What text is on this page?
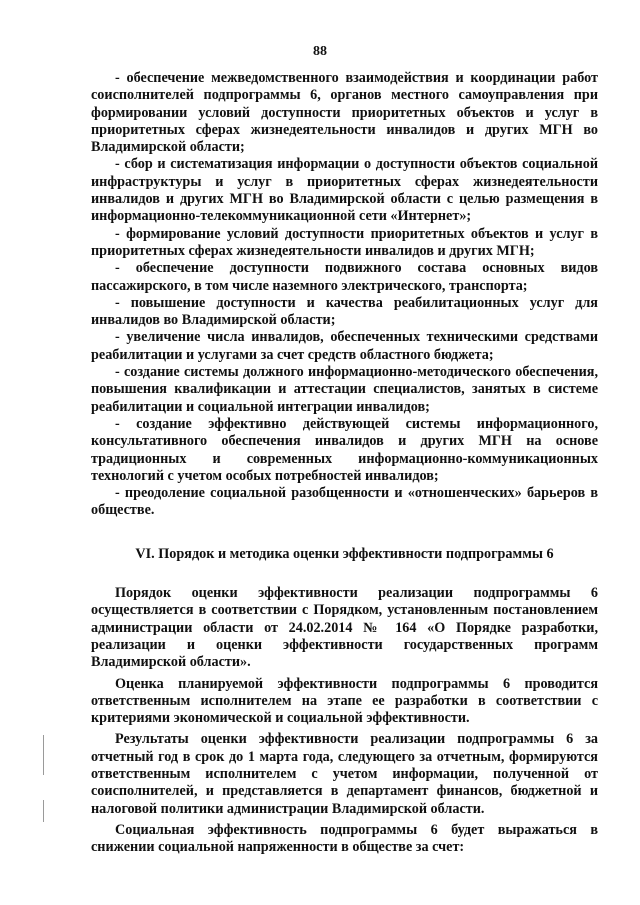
88

- обеспечение межведомственного взаимодействия и координации работ соисполнителей подпрограммы 6, органов местного самоуправления при формировании условий доступности приоритетных объектов и услуг в приоритетных сферах жизнедеятельности инвалидов и других МГН во Владимирской области;

- сбор и систематизация информации о доступности объектов социальной инфраструктуры и услуг в приоритетных сферах жизнедеятельности инвалидов и других МГН во Владимирской области с целью размещения в информационно-телекоммуникационной сети «Интернет»;

- формирование условий доступности приоритетных объектов и услуг в приоритетных сферах жизнедеятельности инвалидов и других МГН;

- обеспечение доступности подвижного состава основных видов пассажирского, в том числе наземного электрического, транспорта;

- повышение доступности и качества реабилитационных услуг для инвалидов во Владимирской области;

- увеличение числа инвалидов, обеспеченных техническими средствами реабилитации и услугами за счет средств областного бюджета;

- создание системы должного информационно-методического обеспечения, повышения квалификации и аттестации специалистов, занятых в системе реабилитации и социальной интеграции инвалидов;

- создание эффективно действующей системы информационного, консультативного обеспечения инвалидов и других МГН на основе традиционных и современных информационно-коммуникационных технологий с учетом особых потребностей инвалидов;

- преодоление социальной разобщенности и «отношенческих» барьеров в обществе.

VI. Порядок и методика оценки эффективности подпрограммы 6

Порядок оценки эффективности реализации подпрограммы 6 осуществляется в соответствии с Порядком, установленным постановлением администрации области от 24.02.2014 № 164 «О Порядке разработки, реализации и оценки эффективности государственных программ Владимирской области».

Оценка планируемой эффективности подпрограммы 6 проводится ответственным исполнителем на этапе ее разработки в соответствии с критериями экономической и социальной эффективности.

Результаты оценки эффективности реализации подпрограммы 6 за отчетный год в срок до 1 марта года, следующего за отчетным, формируются ответственным исполнителем с учетом информации, полученной от соисполнителей, и представляется в департамент финансов, бюджетной и налоговой политики администрации Владимирской области.

Социальная эффективность подпрограммы 6 будет выражаться в снижении социальной напряженности в обществе за счет:
